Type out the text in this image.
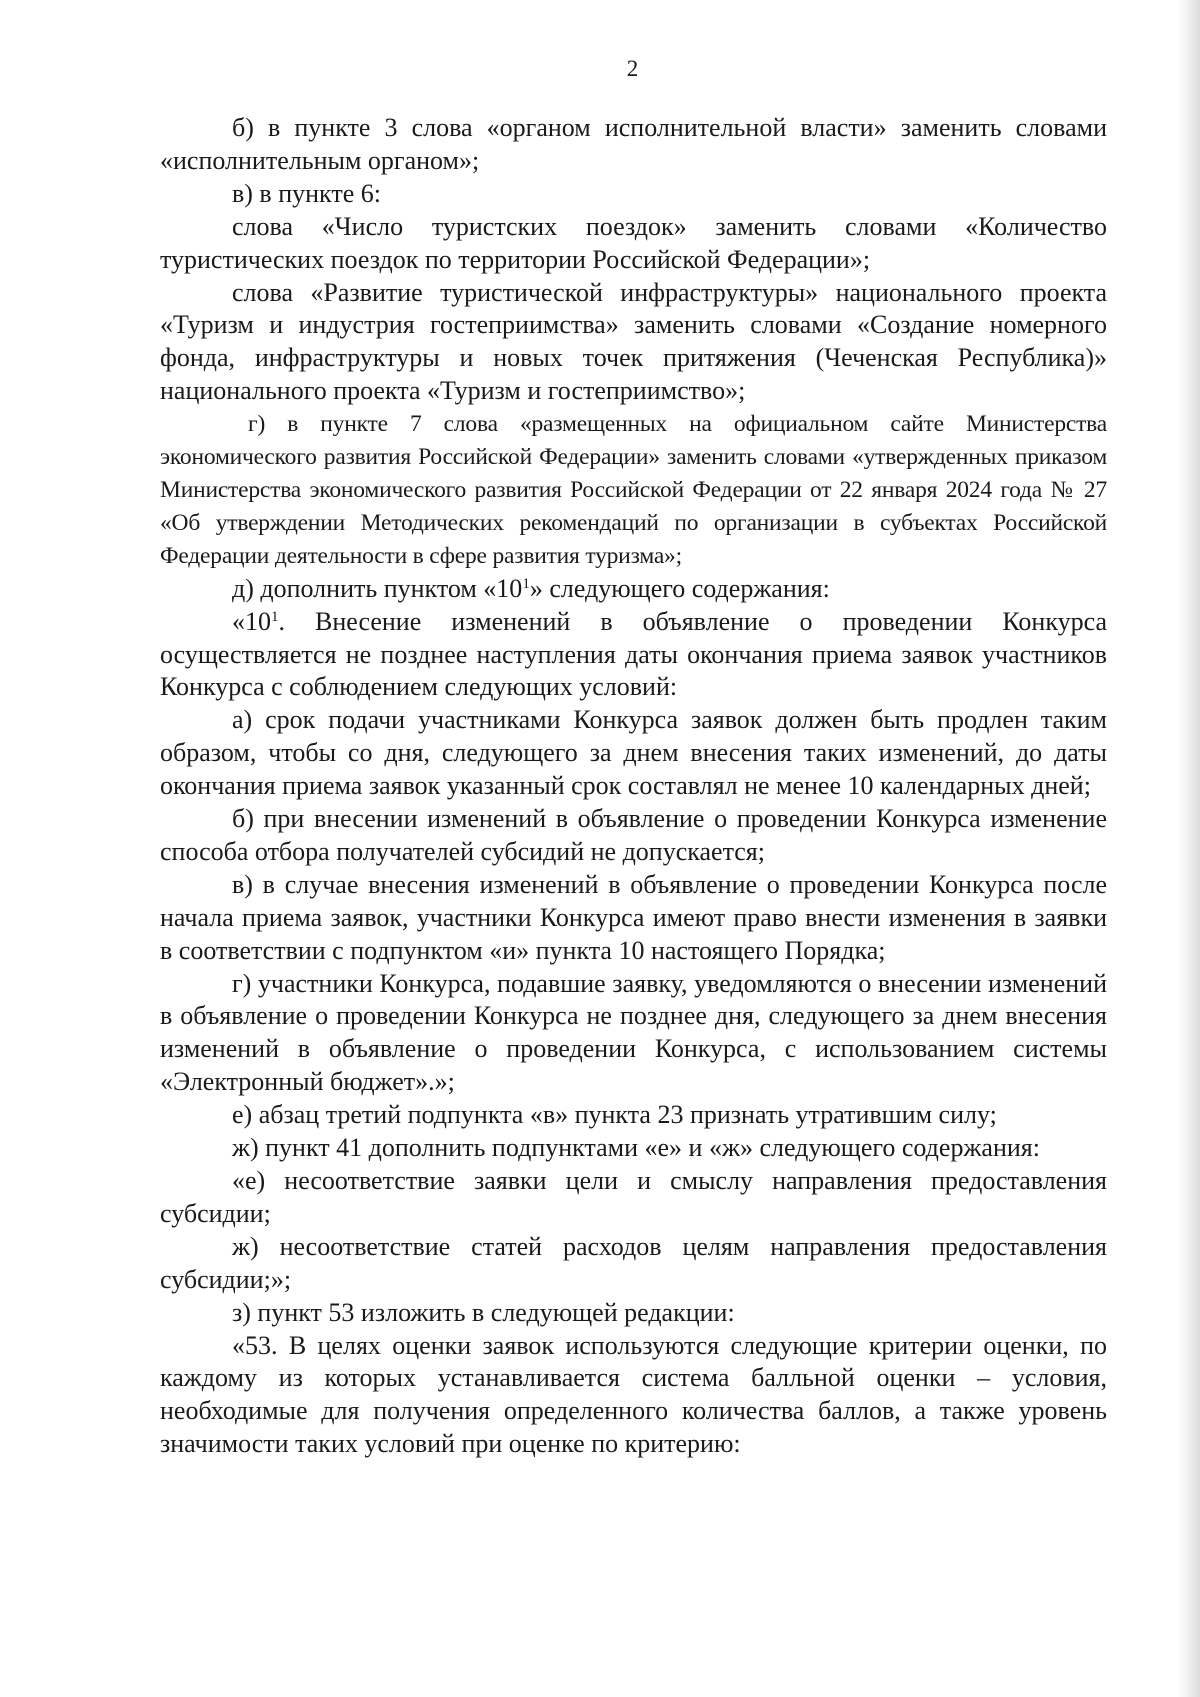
2

б) в пункте 3 слова «органом исполнительной власти» заменить словами «исполнительным органом»;

в) в пункте 6:

слова «Число туристских поездок» заменить словами «Количество туристических поездок по территории Российской Федерации»;

слова «Развитие туристической инфраструктуры» национального проекта «Туризм и индустрия гостеприимства» заменить словами «Создание номерного фонда, инфраструктуры и новых точек притяжения (Чеченская Республика)» национального проекта «Туризм и гостеприимство»;

г) в пункте 7 слова «размещенных на официальном сайте Министерства экономического развития Российской Федерации» заменить словами «утвержденных приказом Министерства экономического развития Российской Федерации от 22 января 2024 года № 27 «Об утверждении Методических рекомендаций по организации в субъектах Российской Федерации деятельности в сфере развития туризма»;

д) дополнить пунктом «$10^1$» следующего содержания:

«$10^1$. Внесение изменений в объявление о проведении Конкурса осуществляется не позднее наступления даты окончания приема заявок участников Конкурса с соблюдением следующих условий:

а) срок подачи участниками Конкурса заявок должен быть продлен таким образом, чтобы со дня, следующего за днем внесения таких изменений, до даты окончания приема заявок указанный срок составлял не менее 10 календарных дней;

б) при внесении изменений в объявление о проведении Конкурса изменение способа отбора получателей субсидий не допускается;

в) в случае внесения изменений в объявление о проведении Конкурса после начала приема заявок, участники Конкурса имеют право внести изменения в заявки в соответствии с подпунктом «и» пункта 10 настоящего Порядка;

г) участники Конкурса, подавшие заявку, уведомляются о внесении изменений в объявление о проведении Конкурса не позднее дня, следующего за днем внесения изменений в объявление о проведении Конкурса, с использованием системы «Электронный бюджет».»;

е) абзац третий подпункта «в» пункта 23 признать утратившим силу;

ж) пункт 41 дополнить подпунктами «е» и «ж» следующего содержания:

«е) несоответствие заявки цели и смыслу направления предоставления субсидии;

ж) несоответствие статей расходов целям направления предоставления субсидии;»;

з) пункт 53 изложить в следующей редакции:

«53. В целях оценки заявок используются следующие критерии оценки, по каждому из которых устанавливается система балльной оценки – условия, необходимые для получения определенного количества баллов, а также уровень значимости таких условий при оценке по критерию:
